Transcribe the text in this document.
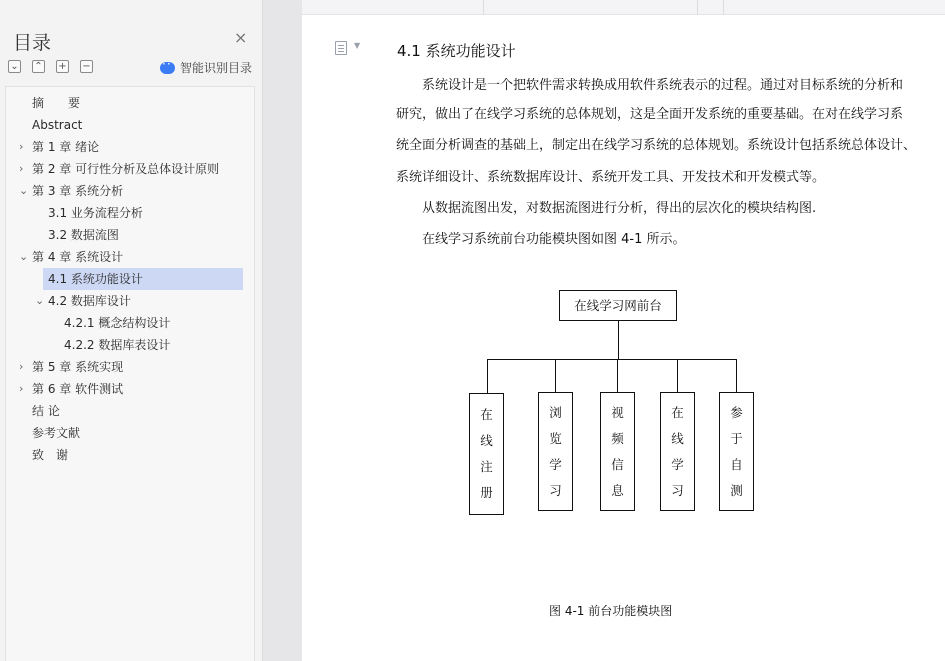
目录	×
⌄ ⌃ + −
··	智能识别目录
摘　　要
Abstract
› 第 1 章 绪论
› 第 2 章 可行性分析及总体设计原则
⌄ 第 3 章 系统分析
3.1 业务流程分析
3.2 数据流图
⌄ 第 4 章 系统设计
4.1 系统功能设计
⌄ 4.2 数据库设计
4.2.1 概念结构设计
4.2.2 数据库表设计
› 第 5 章 系统实现
› 第 6 章 软件测试
结 论
参考文献
致　谢
▼ 4.1 系统功能设计
系统设计是一个把软件需求转换成用软件系统表示的过程。通过对目标系统的分析和
研究，做出了在线学习系统的总体规划，这是全面开发系统的重要基础。在对在线学习系
统全面分析调查的基础上，制定出在线学习系统的总体规划。系统设计包括系统总体设计、
系统详细设计、系统数据库设计、系统开发工具、开发技术和开发模式等。
从数据流图出发，对数据流图进行分析，得出的层次化的模块结构图.
在线学习系统前台功能模块图如图 4-1 所示。
在线学习网前台
在
线
注
册
浏
览
学
习
视
频
信
息
在
线
学
习
参
于
自
测
图 4-1 前台功能模块图
